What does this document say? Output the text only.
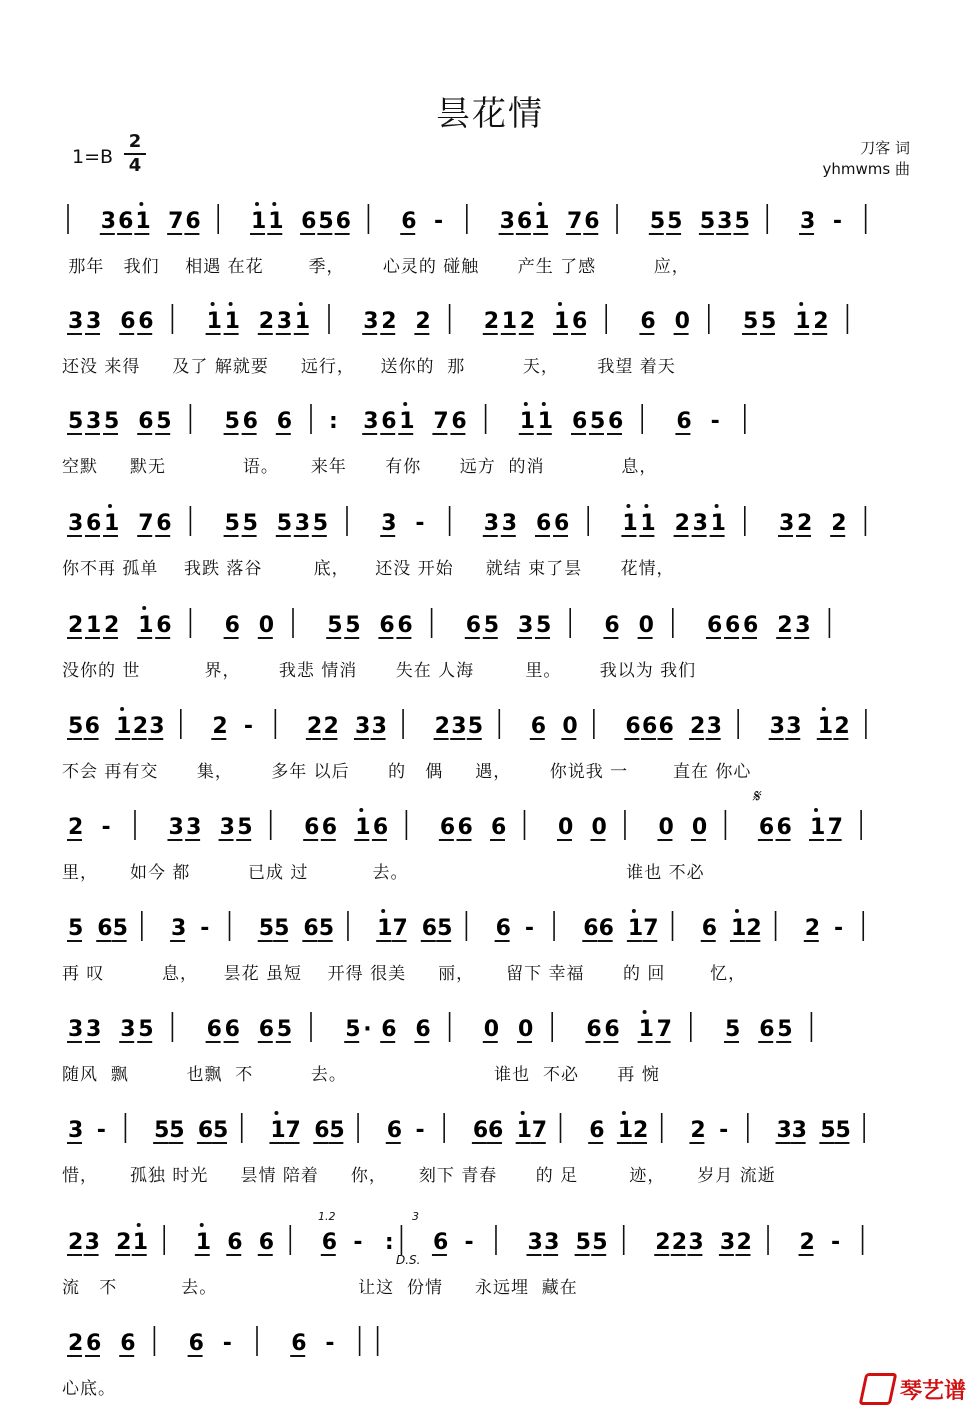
昙花情
1=B
2
4
刀客 词
yhmwms 曲
3 6 1 7 6 1 1 6 5 6 6 -	3 6 1 7 6 5 5 5 3 5 3 -
那年   我们    相遇 在花       季，      心灵的 碰触      产生 了感         应，
3 3 6 6 1 1 2 3 1 3 2 2 2 1 2 1 6 6 0 5 5 1 2
还没 来得     及了 解就要     远行，    送你的  那         天，      我望 着天
5 3 5 6 5 5 6 6 : 3 6 1 7 6 1 1 6 5 6 6 -
空默     默无            语。     来年      有你      远方  的消            息，
3 6 1 7 6 5 5 5 3 5 3 -	3 3 6 6 1 1 2 3 1 3 2 2
你不再 孤单    我跌 落谷        底，    还没 开始     就结 束了昙      花情，
2 1 2 1 6 6 0 5 5 6 6 6 5 3 5 6 0 6 6 6 2 3
没你的 世          界，      我悲 情消      失在 人海        里。      我以为 我们
5 6 1 2 3 2 - 2 2 3 3 2 3 5 6 0 6 6 6 2 3 3 3 1 2
不会 再有交      集，      多年 以后      的   偶     遇，      你说我 一       直在 你心
2 -	3 3 3 5 6 6 1 6 6 6 6 0 0 0 0 6 6 1 7
里，     如今 都         已成 过          去。                                  谁也 不必
5 6 5 3 - 5 5 6 5 1 7 6 5 6 - 6 6 1 7 6 1 2 2 -
再 叹         息，    昙花 虽短    开得 很美     丽，     留下 幸福      的 回       忆，
3 3 3 5 6 6 6 5 5 · 6 6 0 0 6 6 1 7 5 6 5
随风  飘         也飘  不         去。                       谁也  不必      再 惋
3 - 5 5 6 5 1 7 6 5 6 - 6 6 1 7 6 1 2 2 - 3 3 5 5
惜，     孤独 时光     昙情 陪着     你，     刻下 青春      的 足        迹，     岁月 流逝
2 3 2 1 1 6 6 6 - : 6 - 3 3 5 5 2 2 3 3 2 2 -
流   不          去。                      让这  份情     永远埋  藏在
2 6 6 6 -	6 -
心底。	琴艺谱
𝄋
D.S.
1.2	3
